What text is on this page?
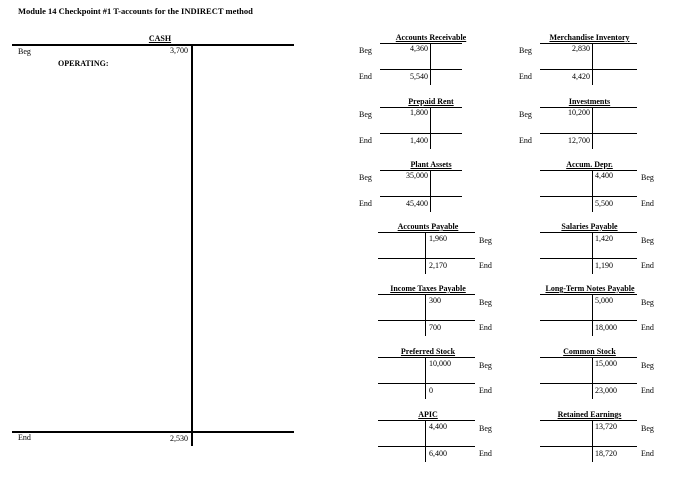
Module 14 Checkpoint #1 T-accounts for the INDIRECT method
CASH
Beg	3,700
OPERATING:
End	2,530
Accounts Receivable
Beg	4,360
End	5,540
Merchandise Inventory
Beg	2,830
End	4,420
Prepaid Rent
Beg	1,800
End	1,400
Investments
Beg	10,200
End	12,700
Plant Assets
Beg	35,000
End	45,400
Accum. Depr.
4,400	Beg
5,500	End
Accounts Payable
1,960	Beg
2,170	End
Salaries Payable
1,420	Beg
1,190	End
Income Taxes Payable
300	Beg
700	End
Long-Term Notes Payable
5,000	Beg
18,000	End
Preferred Stock
10,000	Beg
0	End
Common Stock
15,000	Beg
23,000	End
APIC
4,400	Beg
6,400	End
Retained Earnings
13,720	Beg
18,720	End
